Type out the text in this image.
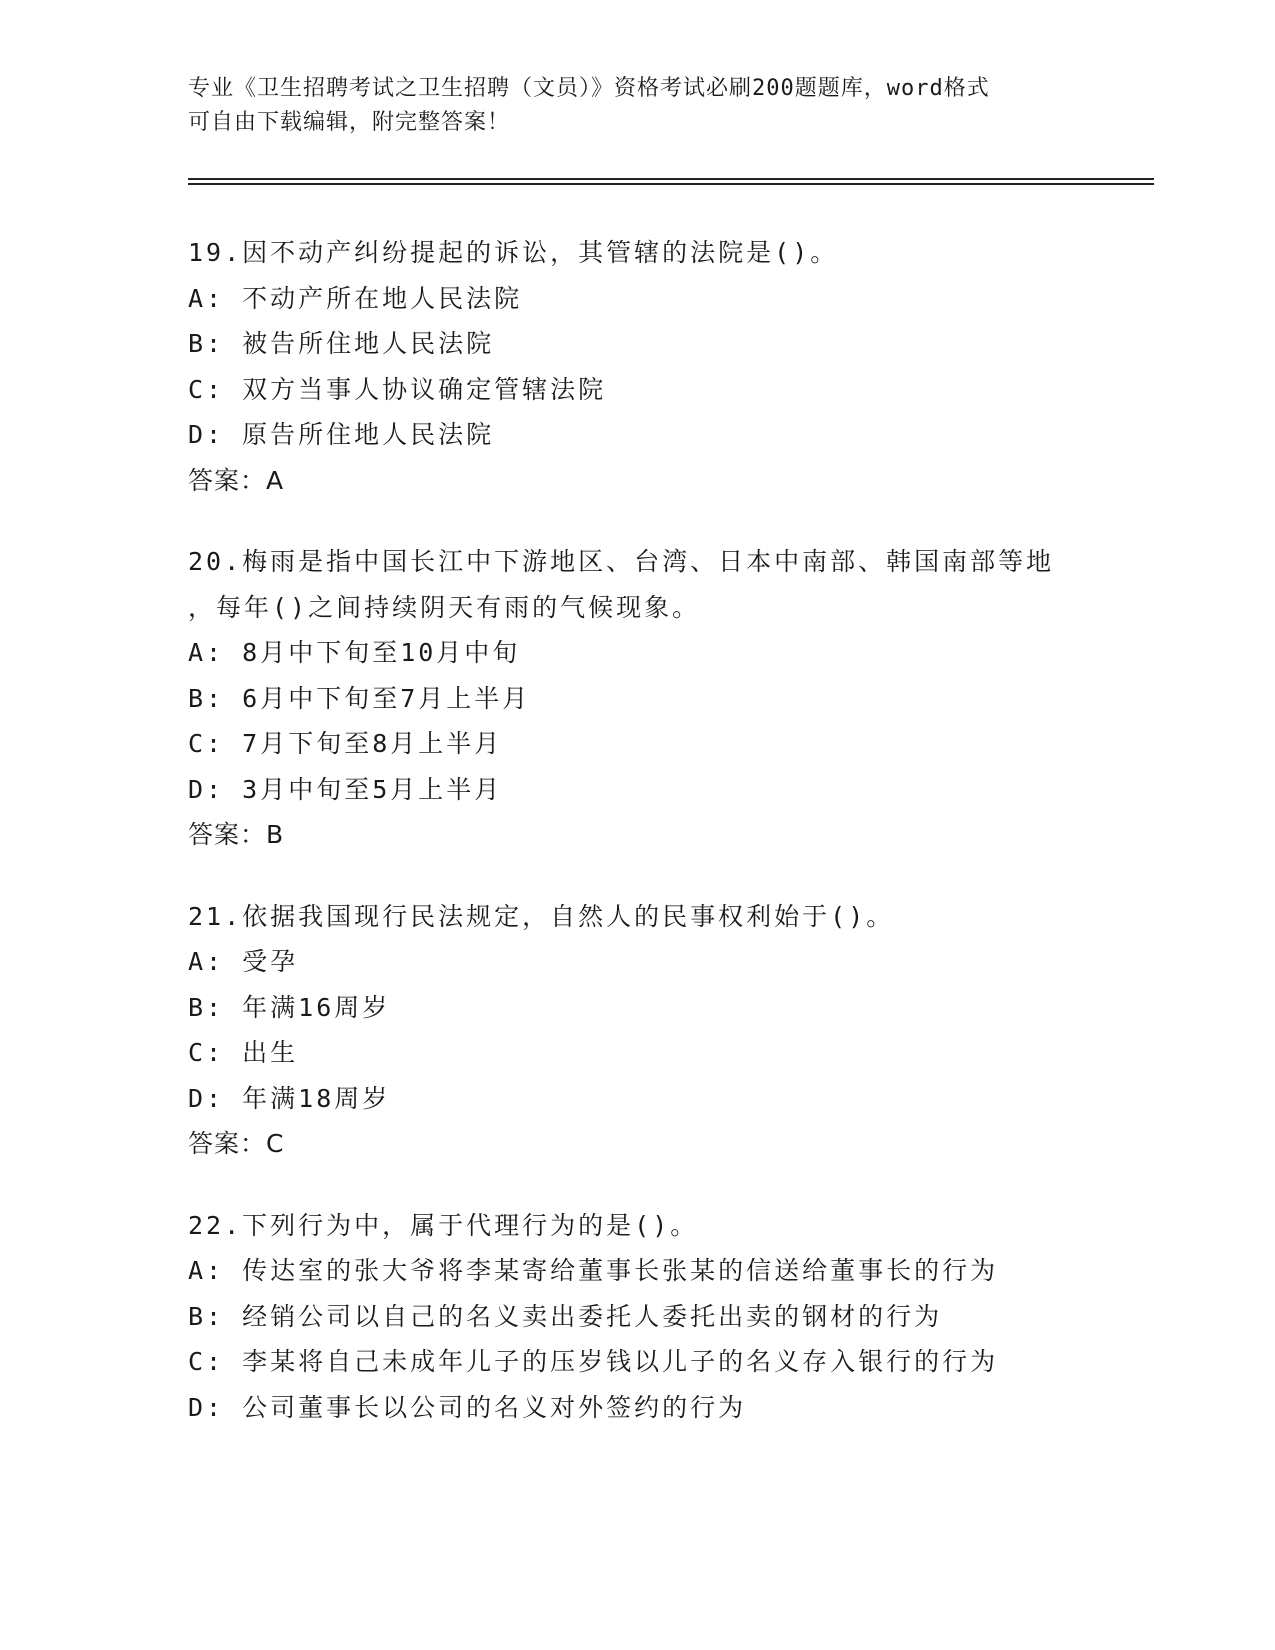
专业《卫生招聘考试之卫生招聘（文员）》资格考试必刷200题题库，word格式
可自由下载编辑，附完整答案！
19.因不动产纠纷提起的诉讼，其管辖的法院是()。
A: 不动产所在地人民法院
B: 被告所住地人民法院
C: 双方当事人协议确定管辖法院
D: 原告所住地人民法院
答案：A
20.梅雨是指中国长江中下游地区、台湾、日本中南部、韩国南部等地
，每年()之间持续阴天有雨的气候现象。
A: 8月中下旬至10月中旬
B: 6月中下旬至7月上半月
C: 7月下旬至8月上半月
D: 3月中旬至5月上半月
答案：B
21.依据我国现行民法规定，自然人的民事权利始于()。
A: 受孕
B: 年满16周岁
C: 出生
D: 年满18周岁
答案：C
22.下列行为中，属于代理行为的是()。
A: 传达室的张大爷将李某寄给董事长张某的信送给董事长的行为
B: 经销公司以自己的名义卖出委托人委托出卖的钢材的行为
C: 李某将自己未成年儿子的压岁钱以儿子的名义存入银行的行为
D: 公司董事长以公司的名义对外签约的行为
